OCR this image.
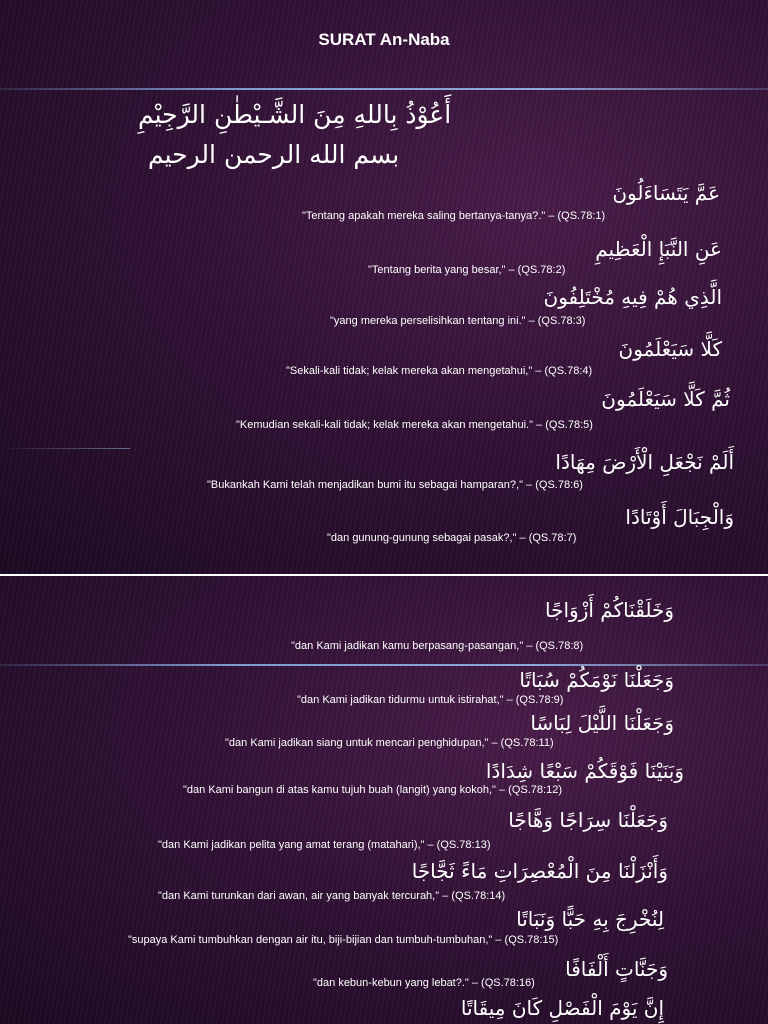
SURAT An-Naba
أَعُوْذُ بِاللهِ مِنَ الشَّـيْطٰنِ الرَّجِيْمِ
بسم الله الرحمن الرحيم
عَمَّ يَتَسَاءَلُونَ
"Tentang apakah mereka saling bertanya-tanya?." – (QS.78:1)
عَنِ النَّبَإِ الْعَظِيمِ
"Tentang berita yang besar," – (QS.78:2)
الَّذِي هُمْ فِيهِ مُخْتَلِفُونَ
"yang mereka perselisihkan tentang ini." – (QS.78:3)
كَلَّا سَيَعْلَمُونَ
"Sekali-kali tidak; kelak mereka akan mengetahui," – (QS.78:4)
ثُمَّ كَلَّا سَيَعْلَمُونَ
"Kemudian sekali-kali tidak; kelak mereka akan mengetahui." – (QS.78:5)
أَلَمْ نَجْعَلِ الْأَرْضَ مِهَادًا
"Bukankah Kami telah menjadikan bumi itu sebagai hamparan?," – (QS.78:6)
وَالْجِبَالَ أَوْتَادًا
"dan gunung-gunung sebagai pasak?," – (QS.78:7)
وَخَلَقْنَاكُمْ أَزْوَاجًا
"dan Kami jadikan kamu berpasang-pasangan," – (QS.78:8)
وَجَعَلْنَا نَوْمَكُمْ سُبَاتًا
"dan Kami jadikan tidurmu untuk istirahat," – (QS.78:9)
وَجَعَلْنَا اللَّيْلَ لِبَاسًا
"dan Kami jadikan siang untuk mencari penghidupan," – (QS.78:11)
وَبَنَيْنَا فَوْقَكُمْ سَبْعًا شِدَادًا
"dan Kami bangun di atas kamu tujuh buah (langit) yang kokoh," – (QS.78:12)
وَجَعَلْنَا سِرَاجًا وَهَّاجًا
"dan Kami jadikan pelita yang amat terang (matahari)," – (QS.78:13)
وَأَنْزَلْنَا مِنَ الْمُعْصِرَاتِ مَاءً ثَجَّاجًا
"dan Kami turunkan dari awan, air yang banyak tercurah," – (QS.78:14)
لِنُخْرِجَ بِهِ حَبًّا وَنَبَاتًا
"supaya Kami tumbuhkan dengan air itu, biji-bijian dan tumbuh-tumbuhan," – (QS.78:15)
وَجَنَّاتٍ أَلْفَافًا
"dan kebun-kebun yang lebat?." – (QS.78:16)
إِنَّ يَوْمَ الْفَصْلِ كَانَ مِيقَاتًا
